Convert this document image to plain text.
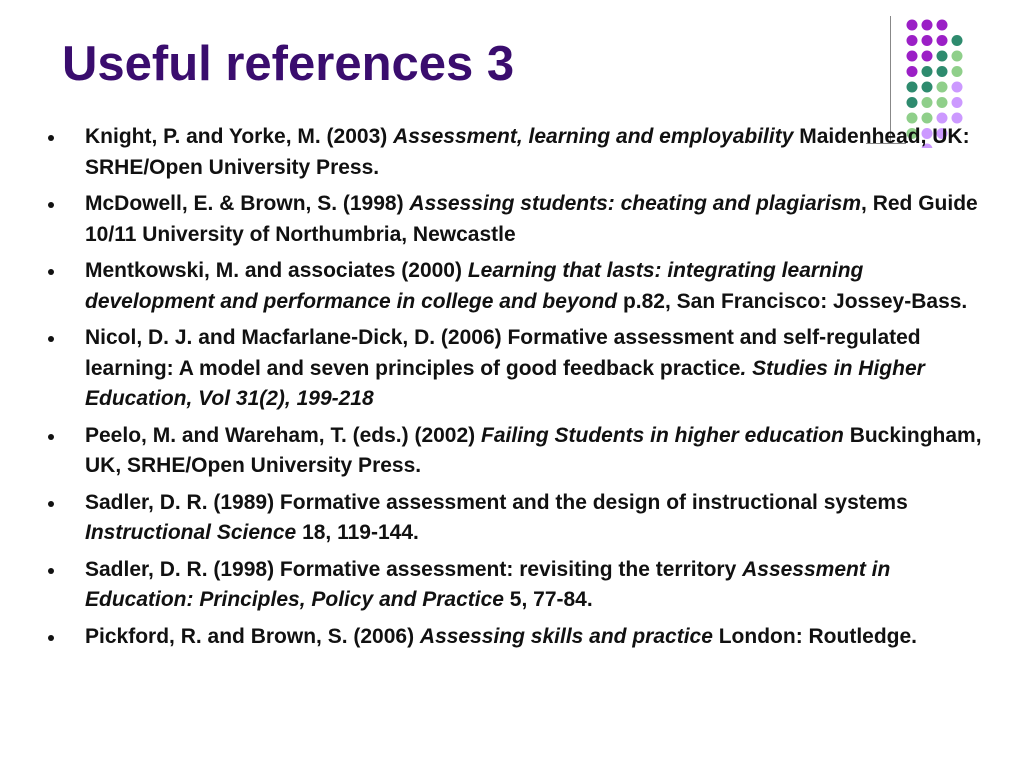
Useful references 3
Knight, P. and Yorke, M. (2003) Assessment, learning and employability Maidenhead, UK: SRHE/Open University Press.
McDowell, E. & Brown, S. (1998) Assessing students: cheating and plagiarism, Red Guide 10/11 University of Northumbria, Newcastle
Mentkowski, M. and associates (2000) Learning that lasts: integrating learning development and performance in college and beyond p.82, San Francisco: Jossey-Bass.
Nicol, D. J. and Macfarlane-Dick, D. (2006) Formative assessment and self-regulated learning: A model and seven principles of good feedback practice. Studies in Higher Education, Vol 31(2), 199-218
Peelo, M. and Wareham, T. (eds.) (2002) Failing Students in higher education Buckingham, UK, SRHE/Open University Press.
Sadler, D. R. (1989) Formative assessment and the design of instructional systems Instructional Science 18, 119-144.
Sadler, D. R. (1998) Formative assessment: revisiting the territory Assessment in Education: Principles, Policy and Practice 5, 77-84.
Pickford, R. and Brown, S. (2006) Assessing skills and practice London: Routledge.
